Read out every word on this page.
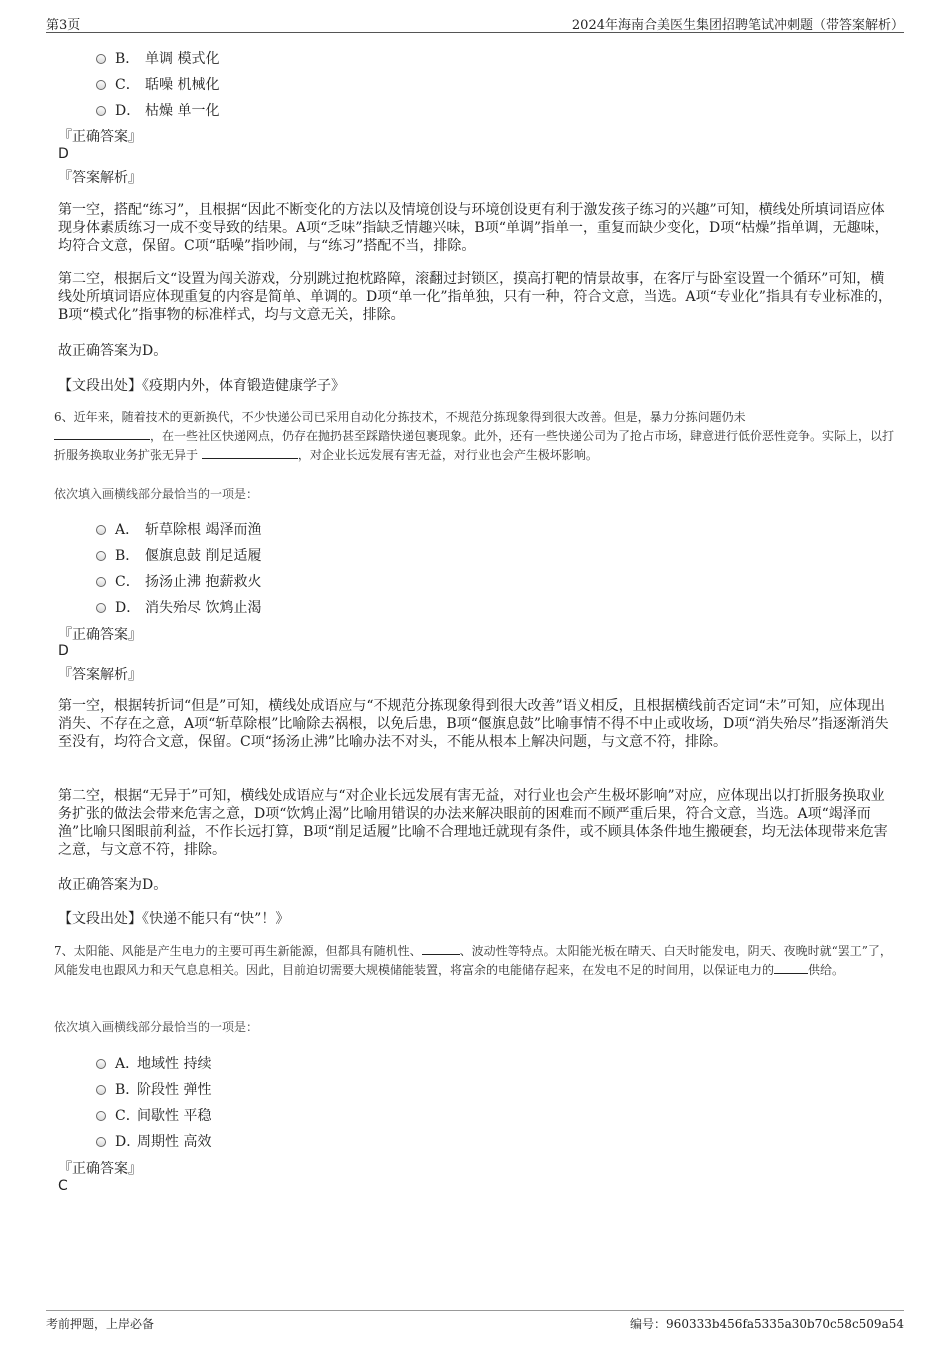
第3页	2024年海南合美医生集团招聘笔试冲刺题（带答案解析）
B． 单调 模式化
C． 聒噪 机械化
D． 枯燥 单一化
『正确答案』
D
『答案解析』
第一空，搭配“练习”，且根据“因此不断变化的方法以及情境创设与环境创设更有利于激发孩子练习的兴趣”可知，横线处所填词语应体现身体素质练习一成不变导致的结果。A项“乏味”指缺乏情趣兴味，B项“单调”指单一，重复而缺少变化，D项“枯燥”指单调，无趣味，均符合文意，保留。C项“聒噪”指吵闹，与“练习”搭配不当，排除。
第二空，根据后文“设置为闯关游戏，分别跳过抱枕路障，滚翻过封锁区，摸高打靶的情景故事，在客厅与卧室设置一个循环”可知，横线处所填词语应体现重复的内容是简单、单调的。D项“单一化”指单独，只有一种，符合文意，当选。A项“专业化”指具有专业标准的，B项“模式化”指事物的标准样式，均与文意无关，排除。
故正确答案为D。
【文段出处】《疫期内外，体育锻造健康学子》
6、近年来，随着技术的更新换代，不少快递公司已采用自动化分拣技术，不规范分拣现象得到很大改善。但是，暴力分拣问题仍未
，在一些社区快递网点，仍存在抛扔甚至踩踏快递包裹现象。此外，还有一些快递公司为了抢占市场，肆意进行低价恶性竞争。实际上，以打折服务换取业务扩张无异于	，对企业长远发展有害无益，对行业也会产生极坏影响。
依次填入画横线部分最恰当的一项是：
A． 斩草除根 竭泽而渔
B． 偃旗息鼓 削足适履
C． 扬汤止沸 抱薪救火
D． 消失殆尽 饮鸩止渴
『正确答案』
D
『答案解析』
第一空，根据转折词“但是”可知，横线处成语应与“不规范分拣现象得到很大改善”语义相反，且根据横线前否定词“未”可知，应体现出消失、不存在之意，A项“斩草除根”比喻除去祸根，以免后患，B项“偃旗息鼓”比喻事情不得不中止或收场，D项“消失殆尽”指逐渐消失至没有，均符合文意，保留。C项“扬汤止沸”比喻办法不对头，不能从根本上解决问题，与文意不符，排除。
第二空，根据“无异于”可知，横线处成语应与“对企业长远发展有害无益，对行业也会产生极坏影响”对应，应体现出以打折服务换取业务扩张的做法会带来危害之意，D项“饮鸩止渴”比喻用错误的办法来解决眼前的困难而不顾严重后果，符合文意，当选。A项“竭泽而渔”比喻只图眼前利益，不作长远打算，B项“削足适履”比喻不合理地迁就现有条件，或不顾具体条件地生搬硬套，均无法体现带来危害之意，与文意不符，排除。
故正确答案为D。
【文段出处】《快递不能只有“快”！》
7、太阳能、风能是产生电力的主要可再生新能源，但都具有随机性、	、波动性等特点。太阳能光板在晴天、白天时能发电，阴天、夜晚时就“罢工”了，风能发电也跟风力和天气息息相关。因此，目前迫切需要大规模储能装置，将富余的电能储存起来，在发电不足的时间用，以保证电力的	供给。
依次填入画横线部分最恰当的一项是：
A．地域性 持续
B．阶段性 弹性
C．间歇性 平稳
D．周期性 高效
『正确答案』
C
考前押题，上岸必备	编号：960333b456fa5335a30b70c58c509a54
